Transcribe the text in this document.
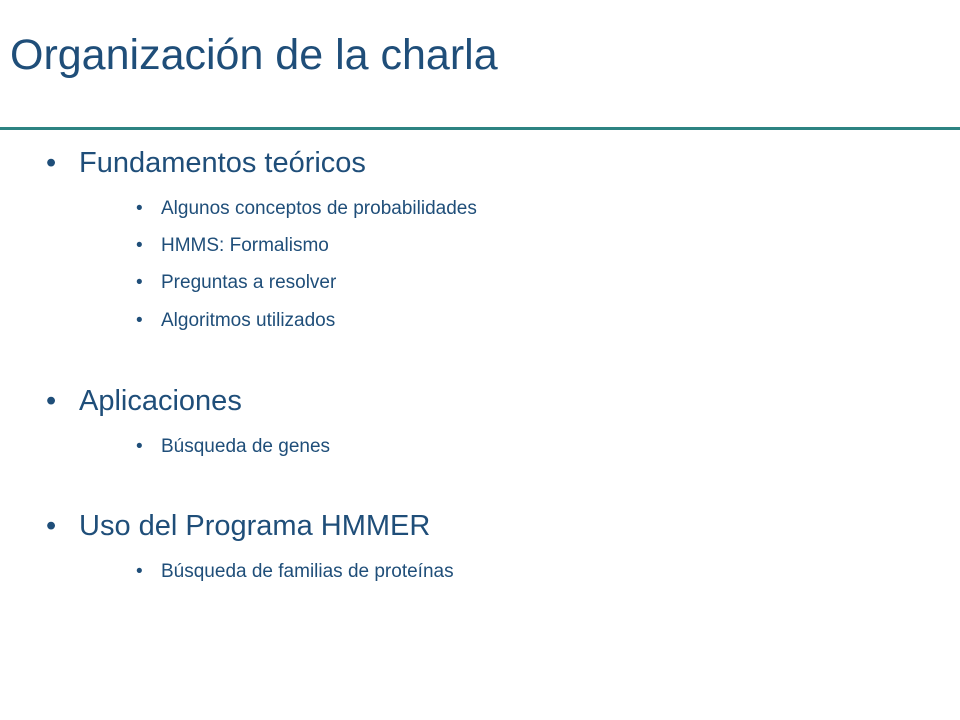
Organización de la charla
• Fundamentos teóricos
• Algunos conceptos de probabilidades
• HMMS: Formalismo
• Preguntas a resolver
• Algoritmos utilizados
• Aplicaciones
• Búsqueda de genes
• Uso del Programa HMMER
• Búsqueda de familias de proteínas
